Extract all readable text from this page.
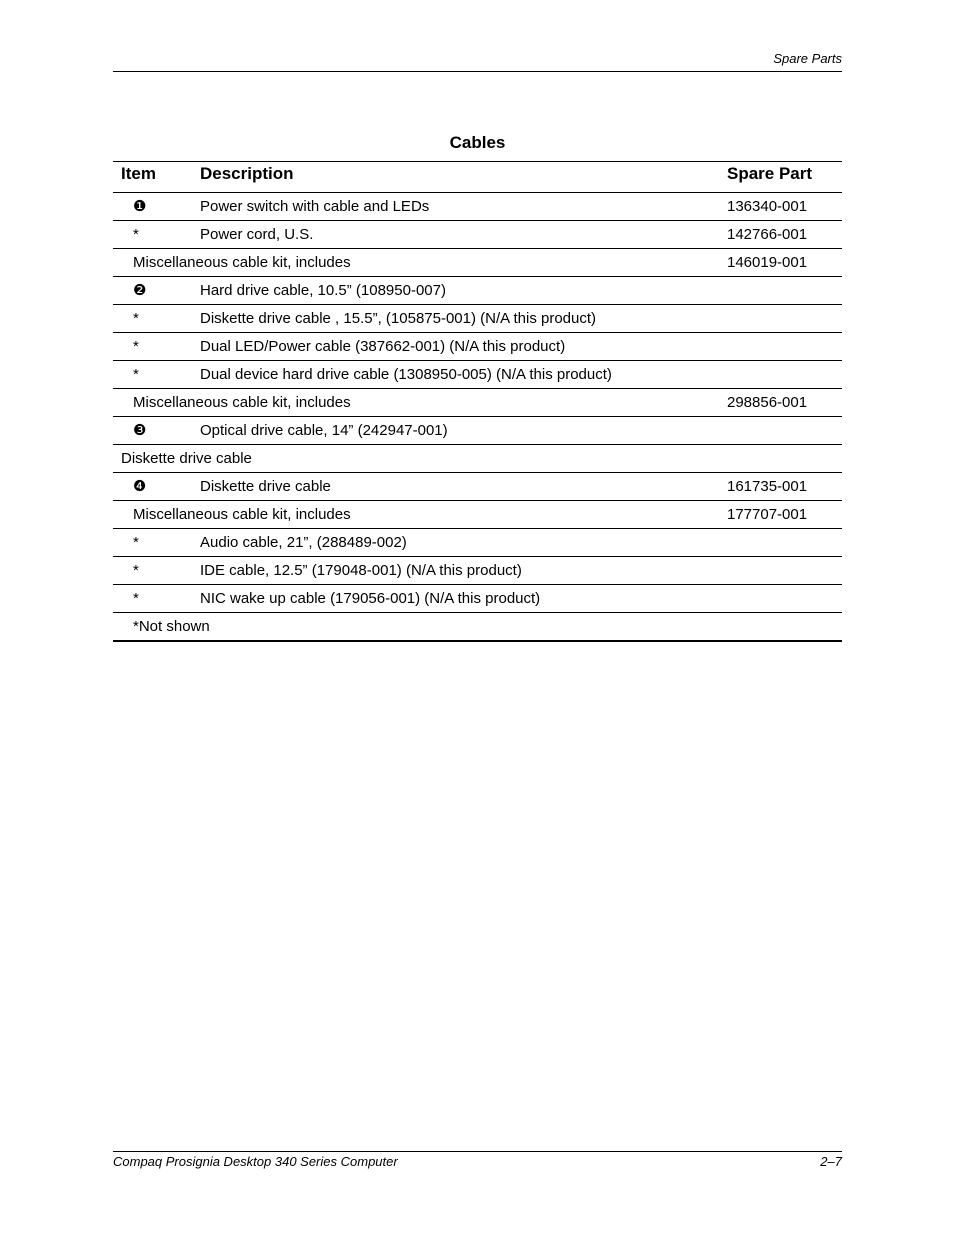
Spare Parts
Cables
Item	Description	Spare Part
❶	Power switch with cable and LEDs	136340-001
*	Power cord, U.S.	142766-001
Miscellaneous cable kit, includes	146019-001
❷	Hard drive cable, 10.5” (108950-007)
*	Diskette drive cable , 15.5”, (105875-001) (N/A this product)
*	Dual LED/Power cable (387662-001) (N/A this product)
*	Dual device hard drive cable (1308950-005) (N/A this product)
Miscellaneous cable kit, includes	298856-001
❸	Optical drive cable, 14” (242947-001)
Diskette drive cable
❹	Diskette drive cable	161735-001
Miscellaneous cable kit, includes	177707-001
*	Audio cable, 21”, (288489-002)
*	IDE cable, 12.5” (179048-001) (N/A this product)
*	NIC wake up cable (179056-001) (N/A this product)
*Not shown
Compaq Prosignia Desktop 340 Series Computer	2–7
